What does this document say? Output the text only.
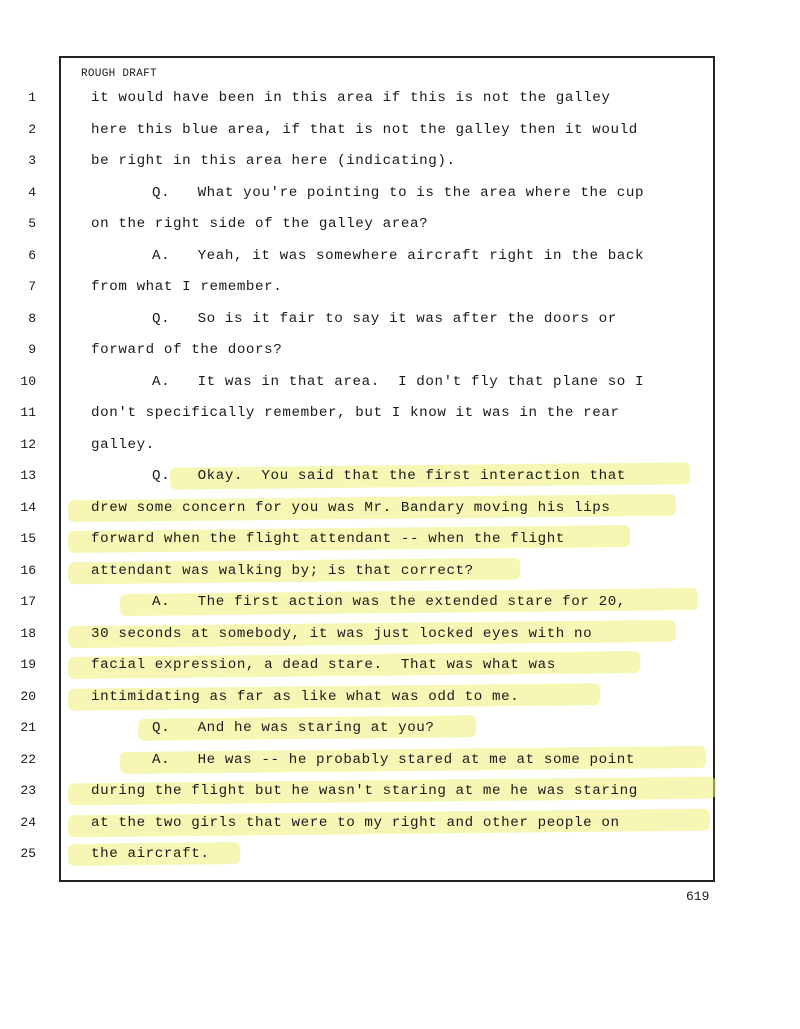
ROUGH DRAFT
1	it would have been in this area if this is not the galley
2	here this blue area, if that is not the galley then it would
3	be right in this area here (indicating).
4	Q.   What you're pointing to is the area where the cup
5	on the right side of the galley area?
6	A.   Yeah, it was somewhere aircraft right in the back
7	from what I remember.
8	Q.   So is it fair to say it was after the doors or
9	forward of the doors?
10	A.   It was in that area.  I don't fly that plane so I
11	don't specifically remember, but I know it was in the rear
12	galley.
13	Q.   Okay.  You said that the first interaction that
14	drew some concern for you was Mr. Bandary moving his lips
15	forward when the flight attendant -- when the flight
16	attendant was walking by; is that correct?
17	A.   The first action was the extended stare for 20,
18	30 seconds at somebody, it was just locked eyes with no
19	facial expression, a dead stare.  That was what was
20	intimidating as far as like what was odd to me.
21	Q.   And he was staring at you?
22	A.   He was -- he probably stared at me at some point
23	during the flight but he wasn't staring at me he was staring
24	at the two girls that were to my right and other people on
25	the aircraft.
619
